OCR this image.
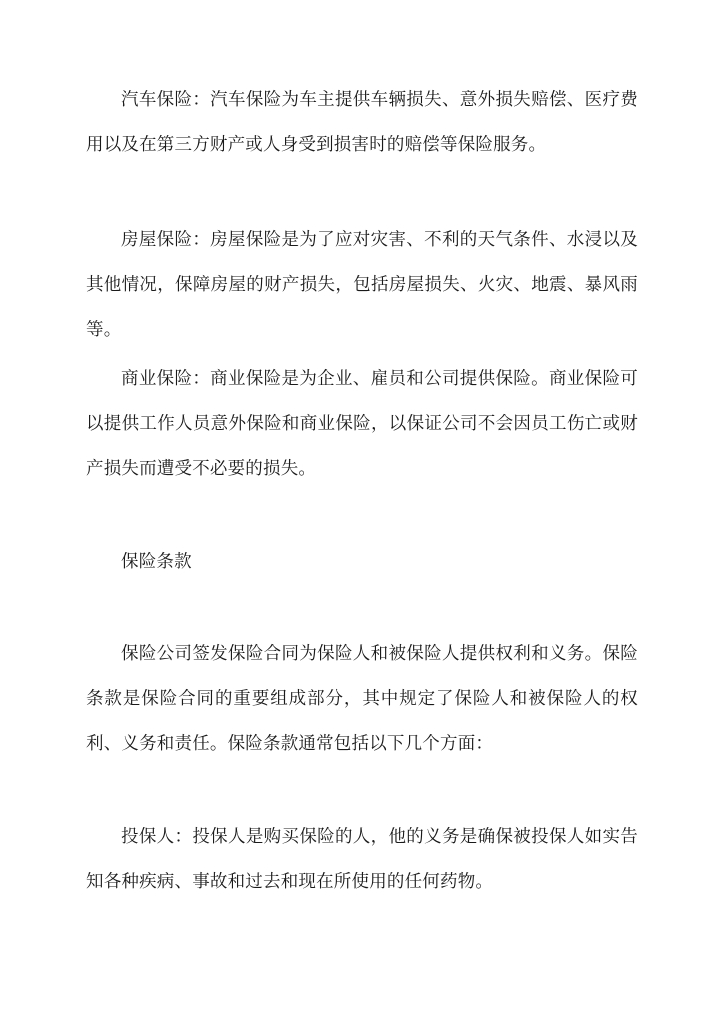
汽车保险：汽车保险为车主提供车辆损失、意外损失赔偿、医疗费用以及在第三方财产或人身受到损害时的赔偿等保险服务。

房屋保险：房屋保险是为了应对灾害、不利的天气条件、水浸以及其他情况，保障房屋的财产损失，包括房屋损失、火灾、地震、暴风雨等。

商业保险：商业保险是为企业、雇员和公司提供保险。商业保险可以提供工作人员意外保险和商业保险，以保证公司不会因员工伤亡或财产损失而遭受不必要的损失。

保险条款

保险公司签发保险合同为保险人和被保险人提供权利和义务。保险条款是保险合同的重要组成部分，其中规定了保险人和被保险人的权利、义务和责任。保险条款通常包括以下几个方面：

投保人：投保人是购买保险的人，他的义务是确保被投保人如实告知各种疾病、事故和过去和现在所使用的任何药物。
